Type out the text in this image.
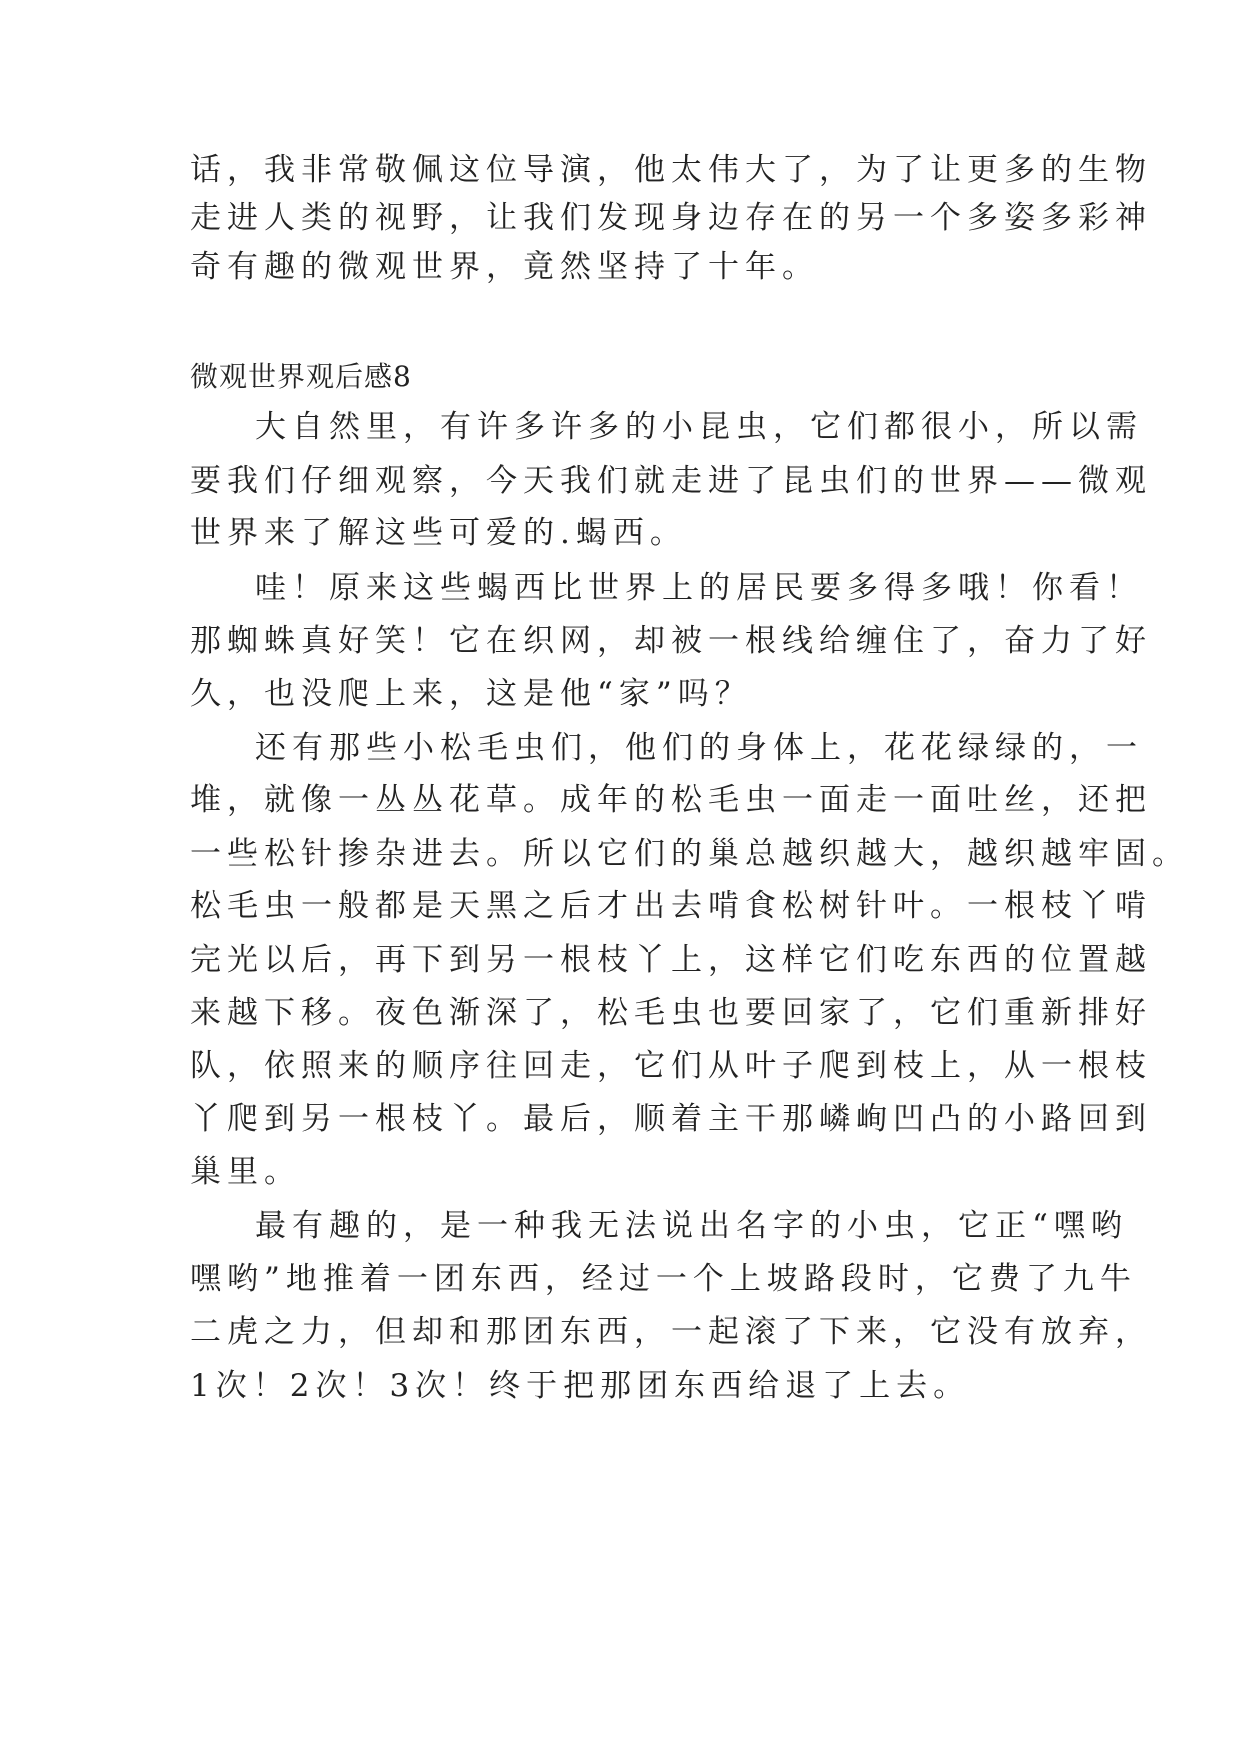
话，我非常敬佩这位导演，他太伟大了，为了让更多的生物
走进人类的视野，让我们发现身边存在的另一个多姿多彩神
奇有趣的微观世界，竟然坚持了十年。
微观世界观后感8
大自然里，有许多许多的小昆虫，它们都很小，所以需
要我们仔细观察，今天我们就走进了昆虫们的世界——微观
世界来了解这些可爱的.蝎西。
哇！原来这些蝎西比世界上的居民要多得多哦！你看！
那蜘蛛真好笑！它在织网，却被一根线给缠住了，奋力了好
久，也没爬上来，这是他“家”吗？
还有那些小松毛虫们，他们的身体上，花花绿绿的，一
堆，就像一丛丛花草。成年的松毛虫一面走一面吐丝，还把
一些松针掺杂进去。所以它们的巢总越织越大，越织越牢固。
松毛虫一般都是天黑之后才出去啃食松树针叶。一根枝丫啃
完光以后，再下到另一根枝丫上，这样它们吃东西的位置越
来越下移。夜色渐深了，松毛虫也要回家了，它们重新排好
队，依照来的顺序往回走，它们从叶子爬到枝上，从一根枝
丫爬到另一根枝丫。最后，顺着主干那嶙峋凹凸的小路回到
巢里。
最有趣的，是一种我无法说出名字的小虫，它正“嘿哟
嘿哟”地推着一团东西，经过一个上坡路段时，它费了九牛
二虎之力，但却和那团东西，一起滚了下来，它没有放弃，
1次！2次！3次！终于把那团东西给退了上去。
